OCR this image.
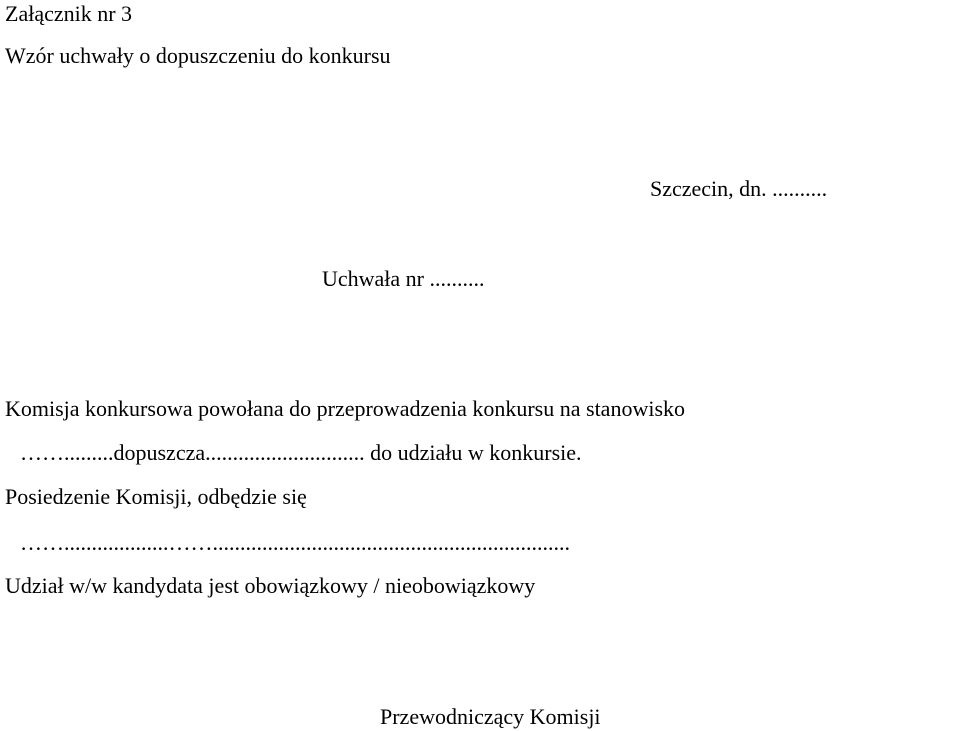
Załącznik nr 3
Wzór uchwały o dopuszczeniu do konkursu
Szczecin, dn. ..........
Uchwała nr ..........
Komisja konkursowa powołana do przeprowadzenia konkursu na stanowisko
…….........dopuszcza............................. do udziału w konkursie.
Posiedzenie Komisji, odbędzie się
……...................…….................................................................
Udział w/w kandydata jest obowiązkowy / nieobowiązkowy
Przewodniczący Komisji
